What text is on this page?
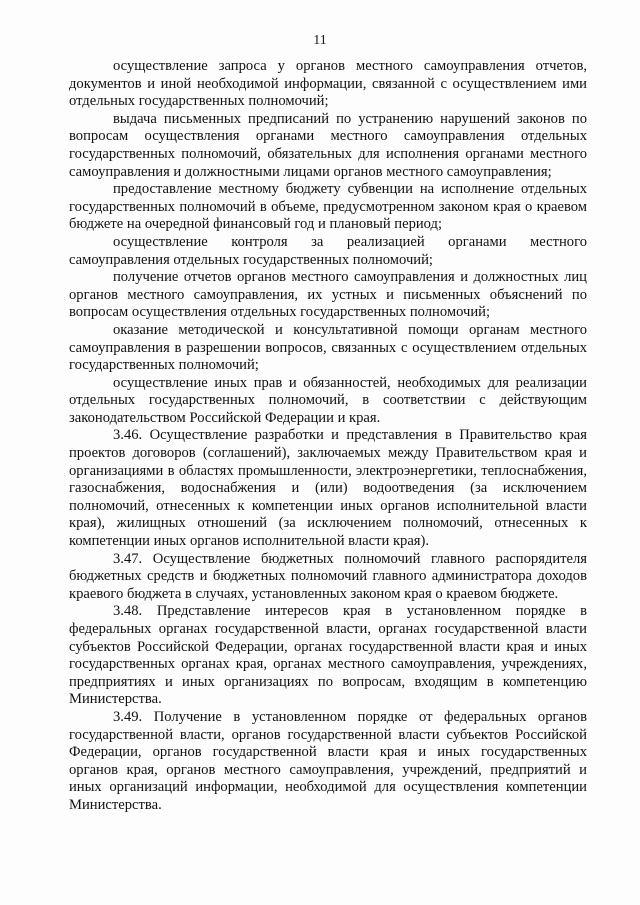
11

осуществление запроса у органов местного самоуправления отчетов, документов и иной необходимой информации, связанной с осуществлением ими отдельных государственных полномочий;

выдача письменных предписаний по устранению нарушений законов по вопросам осуществления органами местного самоуправления отдельных государственных полномочий, обязательных для исполнения органами местного самоуправления и должностными лицами органов местного самоуправления;

предоставление местному бюджету субвенции на исполнение отдельных государственных полномочий в объеме, предусмотренном законом края о краевом бюджете на очередной финансовый год и плановый период;

осуществление контроля за реализацией органами местного самоуправления отдельных государственных полномочий;

получение отчетов органов местного самоуправления и должностных лиц органов местного самоуправления, их устных и письменных объяснений по вопросам осуществления отдельных государственных полномочий;

оказание методической и консультативной помощи органам местного самоуправления в разрешении вопросов, связанных с осуществлением отдельных государственных полномочий;

осуществление иных прав и обязанностей, необходимых для реализации отдельных государственных полномочий, в соответствии с действующим законодательством Российской Федерации и края.

3.46. Осуществление разработки и представления в Правительство края проектов договоров (соглашений), заключаемых между Правительством края и организациями в областях промышленности, электроэнергетики, теплоснабжения, газоснабжения, водоснабжения и (или) водоотведения (за исключением полномочий, отнесенных к компетенции иных органов исполнительной власти края), жилищных отношений (за исключением полномочий, отнесенных к компетенции иных органов исполнительной власти края).

3.47. Осуществление бюджетных полномочий главного распорядителя бюджетных средств и бюджетных полномочий главного администратора доходов краевого бюджета в случаях, установленных законом края о краевом бюджете.

3.48. Представление интересов края в установленном порядке в федеральных органах государственной власти, органах государственной власти субъектов Российской Федерации, органах государственной власти края и иных государственных органах края, органах местного самоуправления, учреждениях, предприятиях и иных организациях по вопросам, входящим в компетенцию Министерства.

3.49. Получение в установленном порядке от федеральных органов государственной власти, органов государственной власти субъектов Российской Федерации, органов государственной власти края и иных государственных органов края, органов местного самоуправления, учреждений, предприятий и иных организаций информации, необходимой для осуществления компетенции Министерства.
